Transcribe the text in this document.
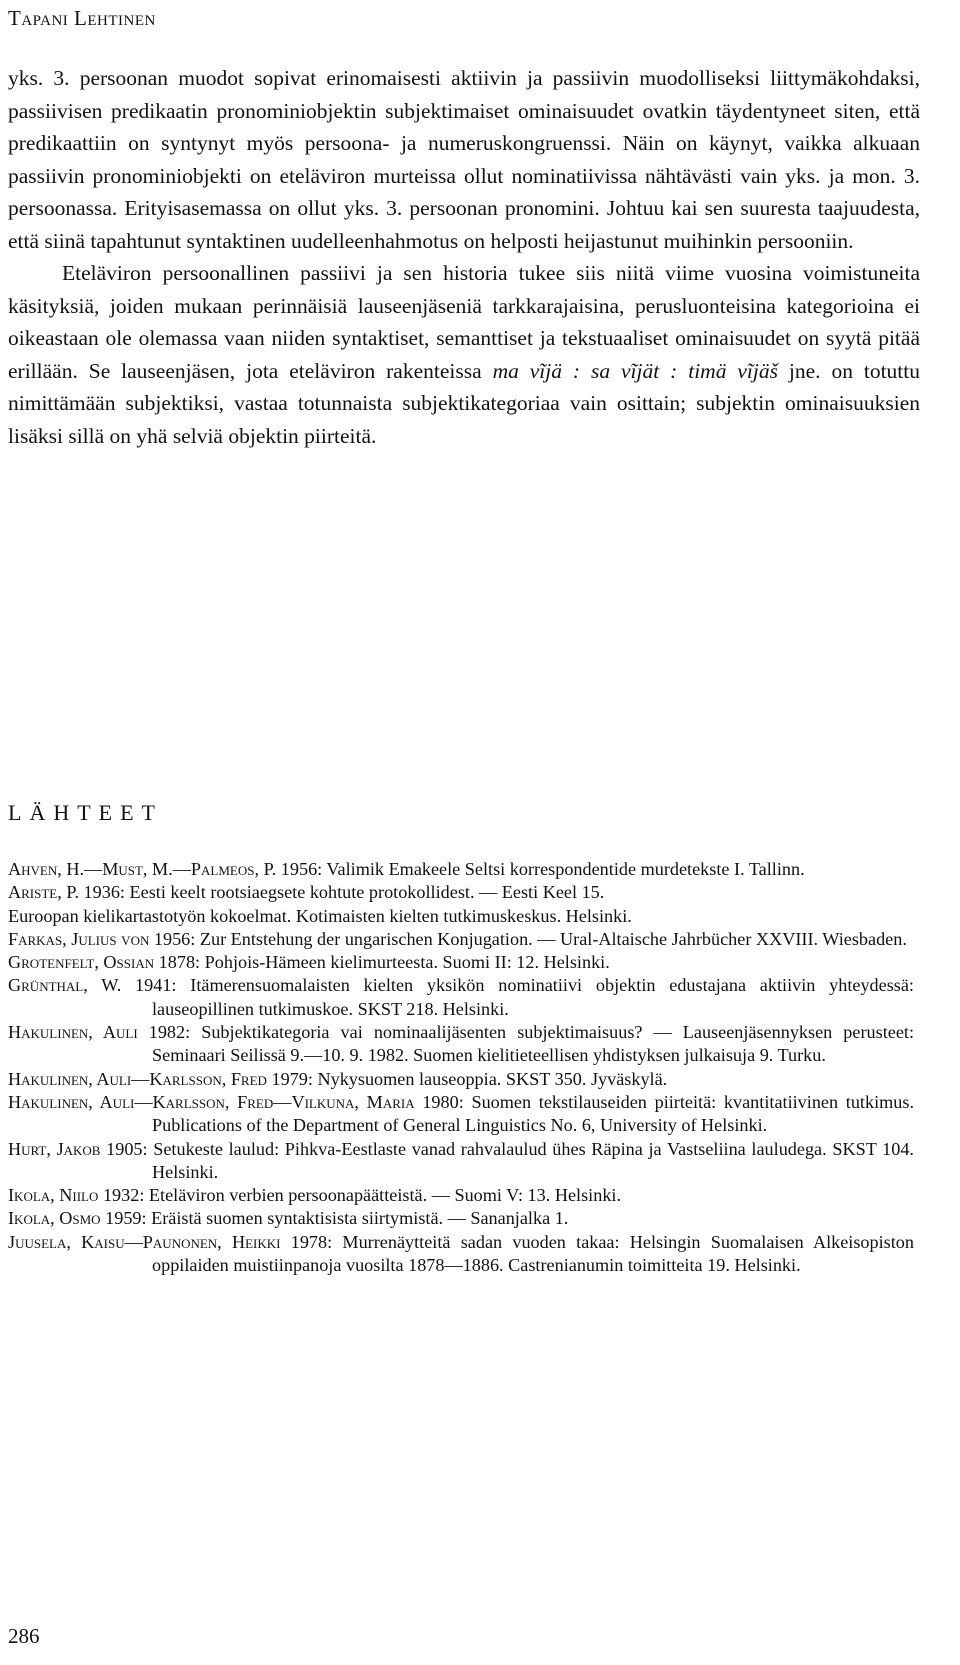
Tapani Lehtinen

yks. 3. persoonan muodot sopivat erinomaisesti aktiivin ja passiivin muodolliseksi liittymäkohdaksi, passiivisen predikaatin pronominiobjektin subjektimaiset ominaisuudet ovatkin täydentyneet siten, että predikaattiin on syntynyt myös persoona- ja numeruskongruenssi. Näin on käynyt, vaikka alkuaan passiivin pronominiobjekti on eteläviron murteissa ollut nominatiivissa nähtävästi vain yks. ja mon. 3. persoonassa. Erityisasemassa on ollut yks. 3. persoonan pronomini. Johtuu kai sen suuresta taajuudesta, että siinä tapahtunut syntaktinen uudelleenhahmotus on helposti heijastunut muihinkin persooniin.

Eteläviron persoonallinen passiivi ja sen historia tukee siis niitä viime vuosina voimistuneita käsityksiä, joiden mukaan perinnäisiä lauseenjäseniä tarkkarajaisina, perusluonteisina kategorioina ei oikeastaan ole olemassa vaan niiden syntaktiset, semanttiset ja tekstuaaliset ominaisuudet on syytä pitää erillään. Se lauseenjäsen, jota eteläviron rakenteissa ma vĩjä : sa vĩjät : timä vĩjäš jne. on totuttu nimittämään subjektiksi, vastaa totunnaista subjektikategoriaa vain osittain; subjektin ominaisuuksien lisäksi sillä on yhä selviä objektin piirteitä.

LÄHTEET

Ahven, H.—Must, M.—Palmeos, P. 1956: Valimik Emakeele Seltsi korrespondentide murdetekste I. Tallinn.

Ariste, P. 1936: Eesti keelt rootsiaegsete kohtute protokollidest. — Eesti Keel 15.

Euroopan kielikartastotyön kokoelmat. Kotimaisten kielten tutkimuskeskus. Helsinki.

Farkas, Julius von 1956: Zur Entstehung der ungarischen Konjugation. — Ural-Altaische Jahrbücher XXVIII. Wiesbaden.

Grotenfelt, Ossian 1878: Pohjois-Hämeen kielimurteesta. Suomi II: 12. Helsinki.

Grünthal, W. 1941: Itämerensuomalaisten kielten yksikön nominatiivi objektin edustajana aktiivin yhteydessä: lauseopillinen tutkimuskoe. SKST 218. Helsinki.

Hakulinen, Auli 1982: Subjektikategoria vai nominaalijäsenten subjektimaisuus? — Lauseenjäsennyksen perusteet: Seminaari Seilissä 9.—10. 9. 1982. Suomen kielitieteellisen yhdistyksen julkaisuja 9. Turku.

Hakulinen, Auli—Karlsson, Fred 1979: Nykysuomen lauseoppia. SKST 350. Jyväskylä.

Hakulinen, Auli—Karlsson, Fred—Vilkuna, Maria 1980: Suomen tekstilauseiden piirteitä: kvantitatiivinen tutkimus. Publications of the Department of General Linguistics No. 6, University of Helsinki.

Hurt, Jakob 1905: Setukeste laulud: Pihkva-Eestlaste vanad rahvalaulud ühes Räpina ja Vastseliina lauludega. SKST 104. Helsinki.

Ikola, Niilo 1932: Eteläviron verbien persoonapäätteistä. — Suomi V: 13. Helsinki.

Ikola, Osmo 1959: Eräistä suomen syntaktisista siirtymistä. — Sananjalka 1.

Juusela, Kaisu—Paunonen, Heikki 1978: Murrenäytteitä sadan vuoden takaa: Helsingin Suomalaisen Alkeisopiston oppilaiden muistiinpanoja vuosilta 1878—1886. Castrenianumin toimitteita 19. Helsinki.

286
